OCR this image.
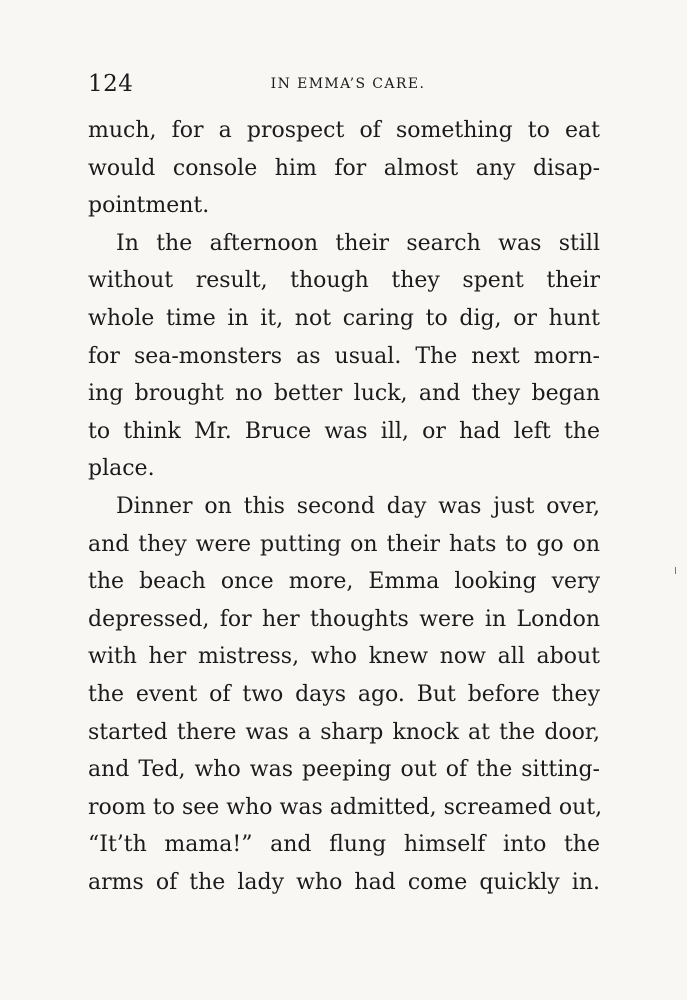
124	IN EMMA’S CARE.
much, for a prospect of something to eat
would console him for almost any disap-
pointment.
In the afternoon their search was still
without result, though they spent their
whole time in it, not caring to dig, or hunt
for sea-monsters as usual. The next morn-
ing brought no better luck, and they began
to think Mr. Bruce was ill, or had left the
place.
Dinner on this second day was just over,
and they were putting on their hats to go on
the beach once more, Emma looking very
depressed, for her thoughts were in London
with her mistress, who knew now all about
the event of two days ago. But before they
started there was a sharp knock at the door,
and Ted, who was peeping out of the sitting-
room to see who was admitted, screamed out,
“It’th mama!” and flung himself into the
arms of the lady who had come quickly in.
